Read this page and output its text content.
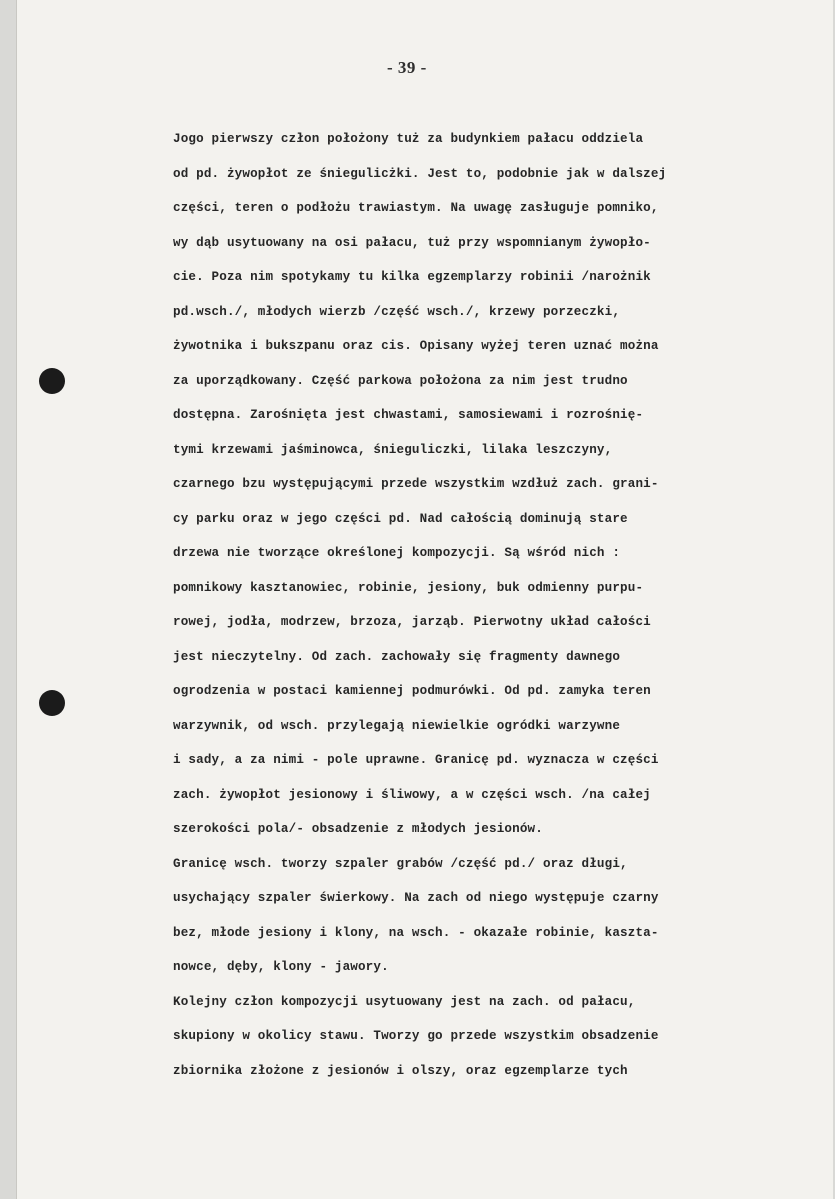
- 39 -
Jogo pierwszy człon położony tuż za budynkiem pałacu oddziela
od pd. żywopłot ze śniegulicżki. Jest to, podobnie jak w dalszej
części, teren o podłożu trawiastym. Na uwagę zasługuje pomniko,
wy dąb usytuowany na osi pałacu, tuż przy wspomnianym żywopło-
cie. Poza nim spotykamy tu kilka egzemplarzy robinii /narożnik
pd.wsch./, młodych wierzb /część wsch./, krzewy porzeczki,
żywotnika i bukszpanu oraz cis. Opisany wyżej teren uznać można
za uporządkowany. Część parkowa położona za nim jest trudno
dostępna. Zarośnięta jest chwastami, samosiewami i rozrośnię-
tymi krzewami jaśminowca, śnieguliczki, lilaka leszczyny,
czarnego bzu występującymi przede wszystkim wzdłuż zach. grani-
cy parku oraz w jego części pd. Nad całością dominują stare
drzewa nie tworzące określonej kompozycji. Są wśród nich :
pomnikowy kasztanowiec, robinie, jesiony, buk odmienny purpu-
rowej, jodła, modrzew, brzoza, jarząb. Pierwotny układ całości
jest nieczytelny. Od zach. zachowały się fragmenty dawnego
ogrodzenia w postaci kamiennej podmurówki. Od pd. zamyka teren
warzywnik, od wsch. przylegają niewielkie ogródki warzywne
i sady, a za nimi - pole uprawne. Granicę pd. wyznacza w części
zach. żywopłot jesionowy i śliwowy, a w części wsch. /na całej
szerokości pola/- obsadzenie z młodych jesionów.
Granicę wsch. tworzy szpaler grabów /część pd./ oraz długi,
usychający szpaler świerkowy. Na zach od niego występuje czarny
bez, młode jesiony i klony, na wsch. - okazałe robinie, kaszta-
nowce, dęby, klony - jawory.
Kolejny człon kompozycji usytuowany jest na zach. od pałacu,
skupiony w okolicy stawu. Tworzy go przede wszystkim obsadzenie
zbiornika złożone z jesionów i olszy, oraz egzemplarze tych
